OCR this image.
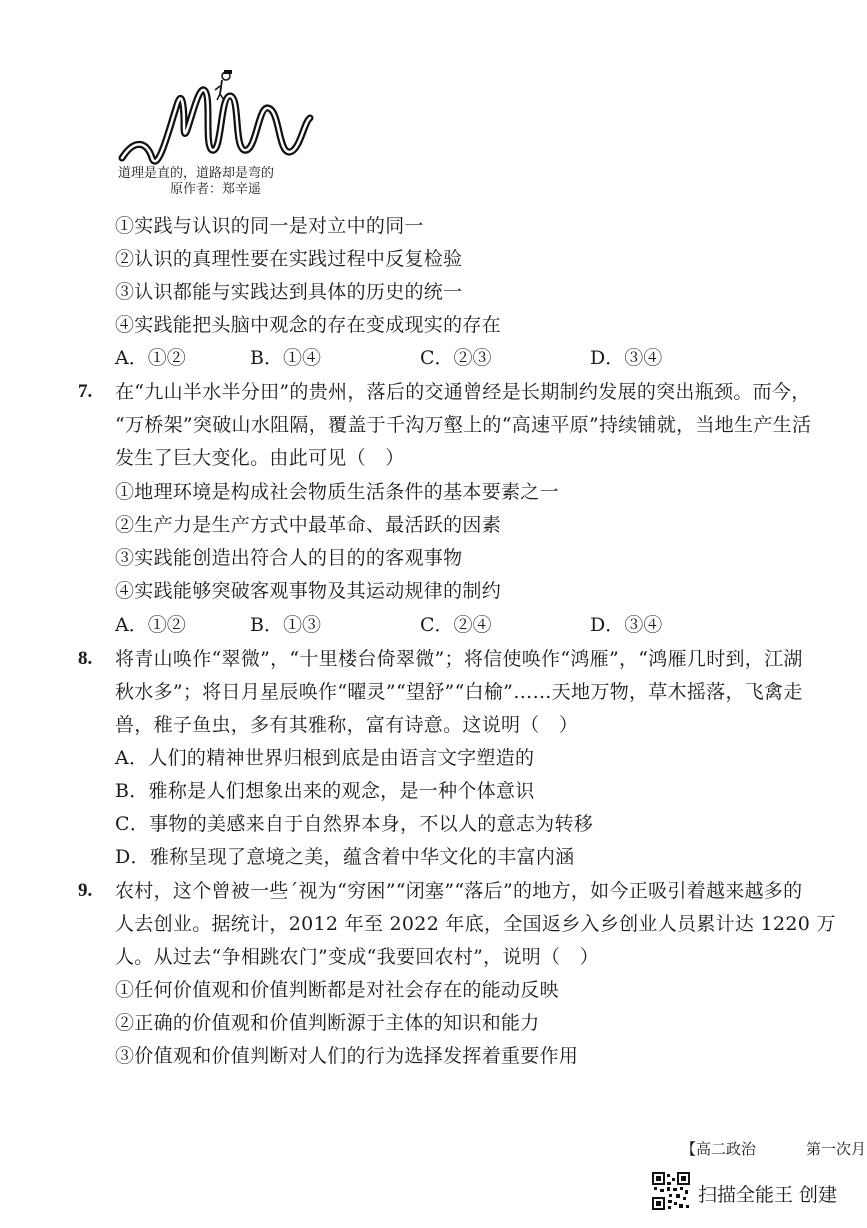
道理是直的，道路却是弯的
原作者：郑辛遥
①实践与认识的同一是对立中的同一
②认识的真理性要在实践过程中反复检验
③认识都能与实践达到具体的历史的统一
④实践能把头脑中观念的存在变成现实的存在
A．①②	B．①④	C．②③	D．③④
7. 在“九山半水半分田”的贵州，落后的交通曾经是长期制约发展的突出瓶颈。而今，
“万桥架”突破山水阻隔，覆盖于千沟万壑上的“高速平原”持续铺就，当地生产生活
发生了巨大变化。由此可见（　）
①地理环境是构成社会物质生活条件的基本要素之一
②生产力是生产方式中最革命、最活跃的因素
③实践能创造出符合人的目的的客观事物
④实践能够突破客观事物及其运动规律的制约
A．①②	B．①③	C．②④	D．③④
8. 将青山唤作“翠微”，“十里楼台倚翠微”；将信使唤作“鸿雁”，“鸿雁几时到，江湖
秋水多”；将日月星辰唤作“曜灵”“望舒”“白榆”……天地万物，草木摇落，飞禽走
兽，稚子鱼虫，多有其雅称，富有诗意。这说明（　）
A．人们的精神世界归根到底是由语言文字塑造的
B．雅称是人们想象出来的观念，是一种个体意识
C．事物的美感来自于自然界本身，不以人的意志为转移
D．雅称呈现了意境之美，蕴含着中华文化的丰富内涵
9. 农村，这个曾被一些ˊ视为“穷困”“闭塞”“落后”的地方，如今正吸引着越来越多的
人去创业。据统计，2012 年至 2022 年底，全国返乡入乡创业人员累计达 1220 万
人。从过去“争相跳农门”变成“我要回农村”，说明（　）
①任何价值观和价值判断都是对社会存在的能动反映
②正确的价值观和价值判断源于主体的知识和能力
③价值观和价值判断对人们的行为选择发挥着重要作用
【高二政治	第一次月
扫描全能王 创建
